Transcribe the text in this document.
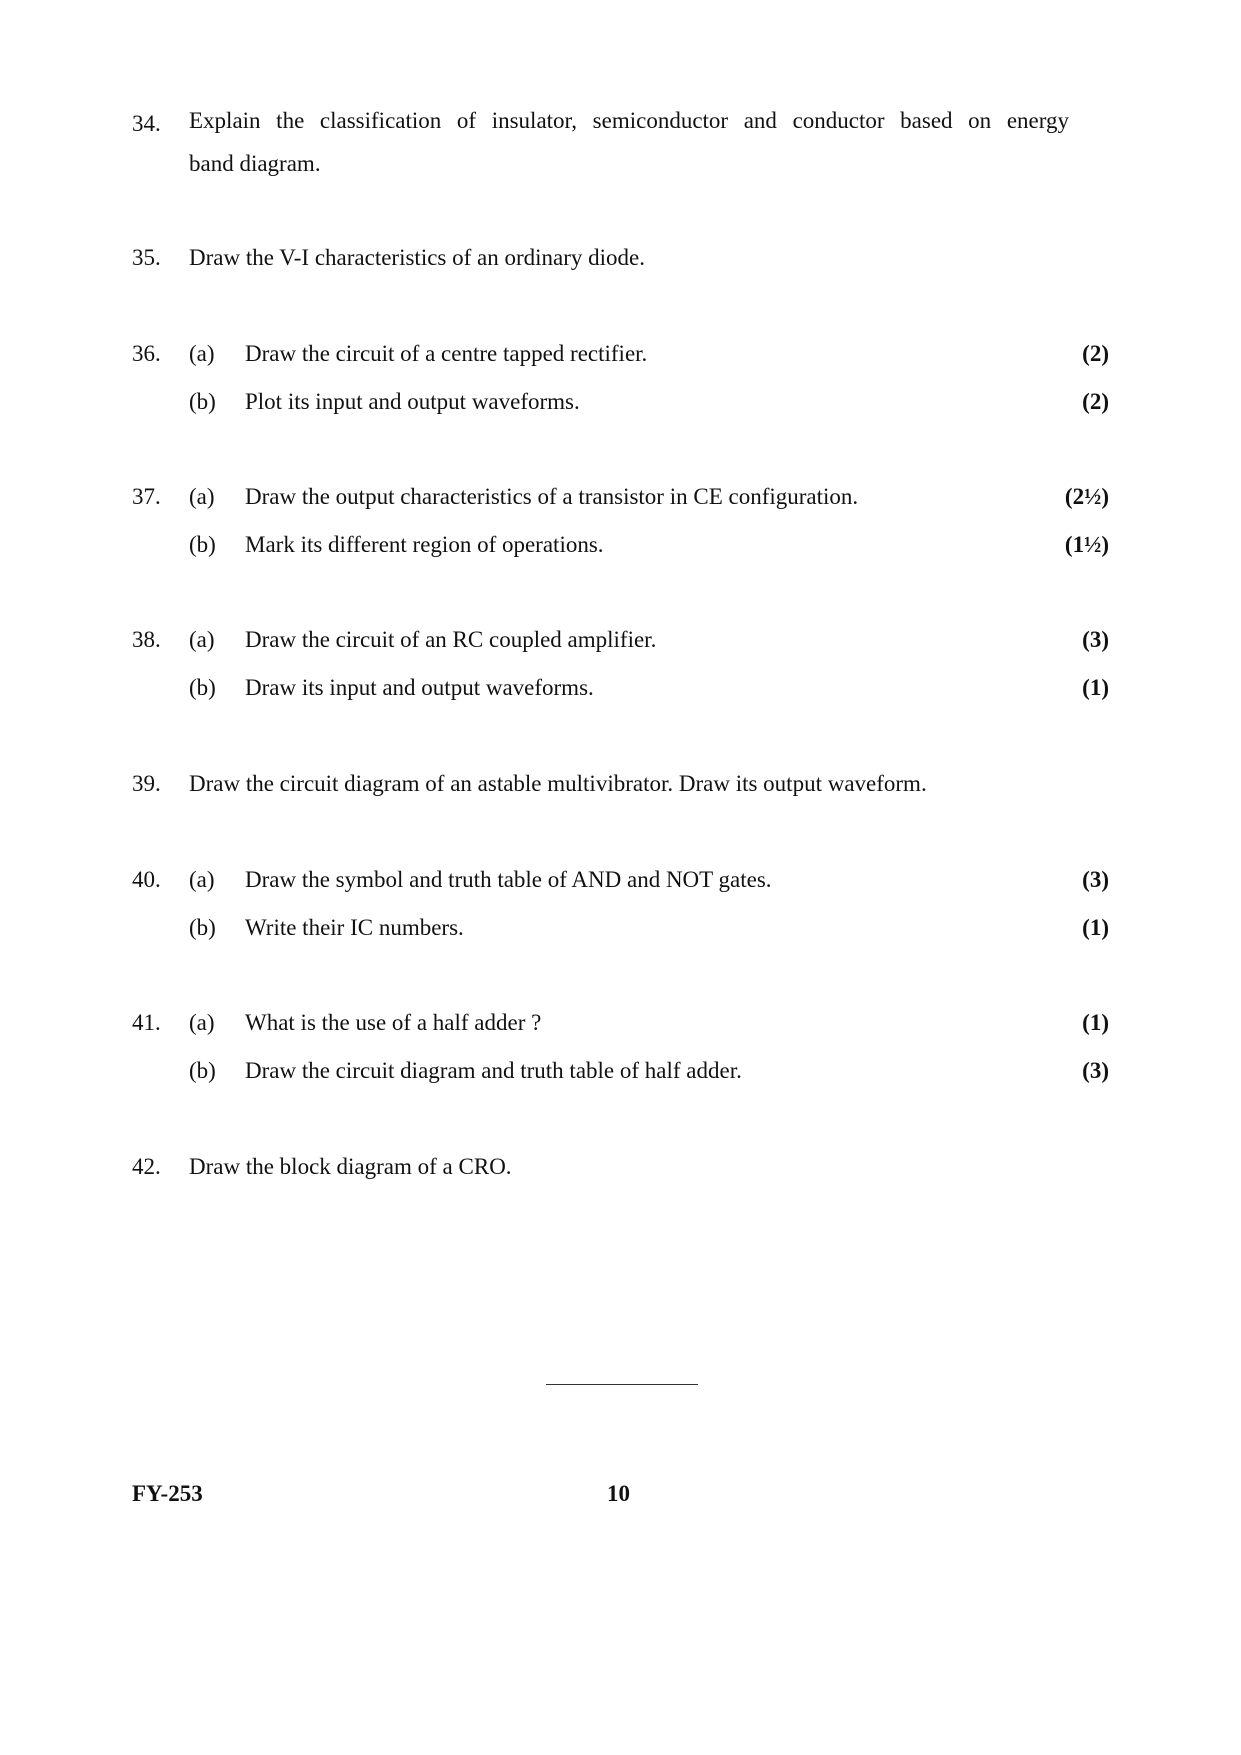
34. Explain the classification of insulator, semiconductor and conductor based on energy
band diagram.
35. Draw the V-I characteristics of an ordinary diode.
36. (a) Draw the circuit of a centre tapped rectifier.	(2)
(b) Plot its input and output waveforms.	(2)
37. (a) Draw the output characteristics of a transistor in CE configuration.	(2½)
(b) Mark its different region of operations.	(1½)
38. (a) Draw the circuit of an RC coupled amplifier.	(3)
(b) Draw its input and output waveforms.	(1)
39. Draw the circuit diagram of an astable multivibrator. Draw its output waveform.
40. (a) Draw the symbol and truth table of AND and NOT gates.	(3)
(b) Write their IC numbers.	(1)
41. (a) What is the use of a half adder ?	(1)
(b) Draw the circuit diagram and truth table of half adder.	(3)
42. Draw the block diagram of a CRO.
FY-253	10
